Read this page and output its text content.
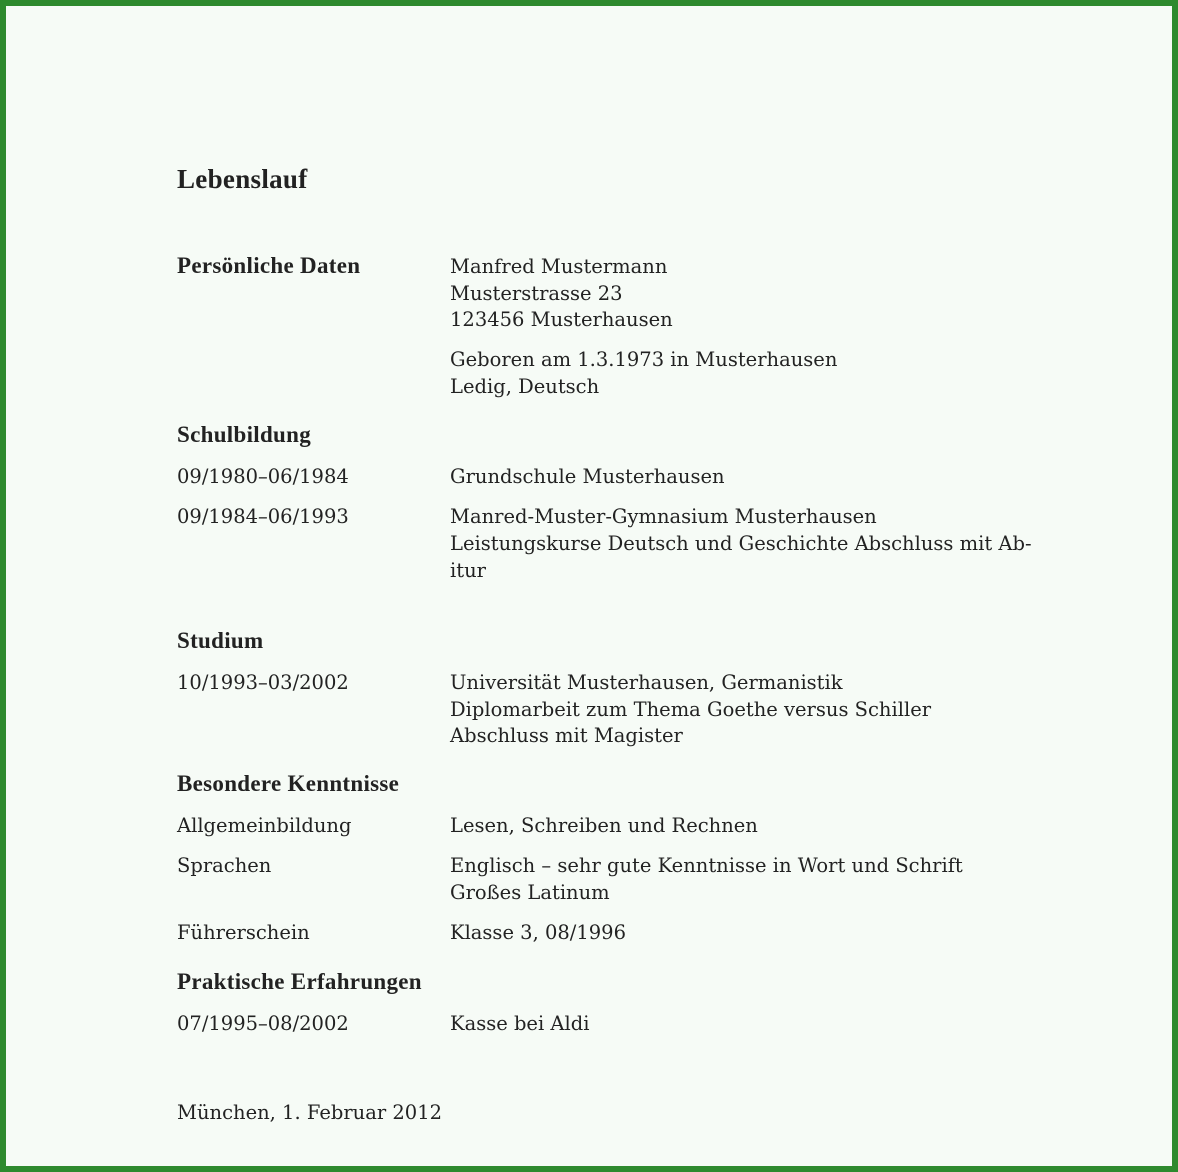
Lebenslauf
Persönliche Daten	Manfred Mustermann
Musterstrasse 23
123456 Musterhausen
Geboren am 1.3.1973 in Musterhausen
Ledig, Deutsch
Schulbildung
09/1980–06/1984	Grundschule Musterhausen
09/1984–06/1993	Manred-Muster-Gymnasium Musterhausen
Leistungskurse Deutsch und Geschichte Abschluss mit Ab-
itur
Studium
10/1993–03/2002	Universität Musterhausen, Germanistik
Diplomarbeit zum Thema Goethe versus Schiller
Abschluss mit Magister
Besondere Kenntnisse
Allgemeinbildung	Lesen, Schreiben und Rechnen
Sprachen	Englisch – sehr gute Kenntnisse in Wort und Schrift
Großes Latinum
Führerschein	Klasse 3, 08/1996
Praktische Erfahrungen
07/1995–08/2002	Kasse bei Aldi
München, 1. Februar 2012
